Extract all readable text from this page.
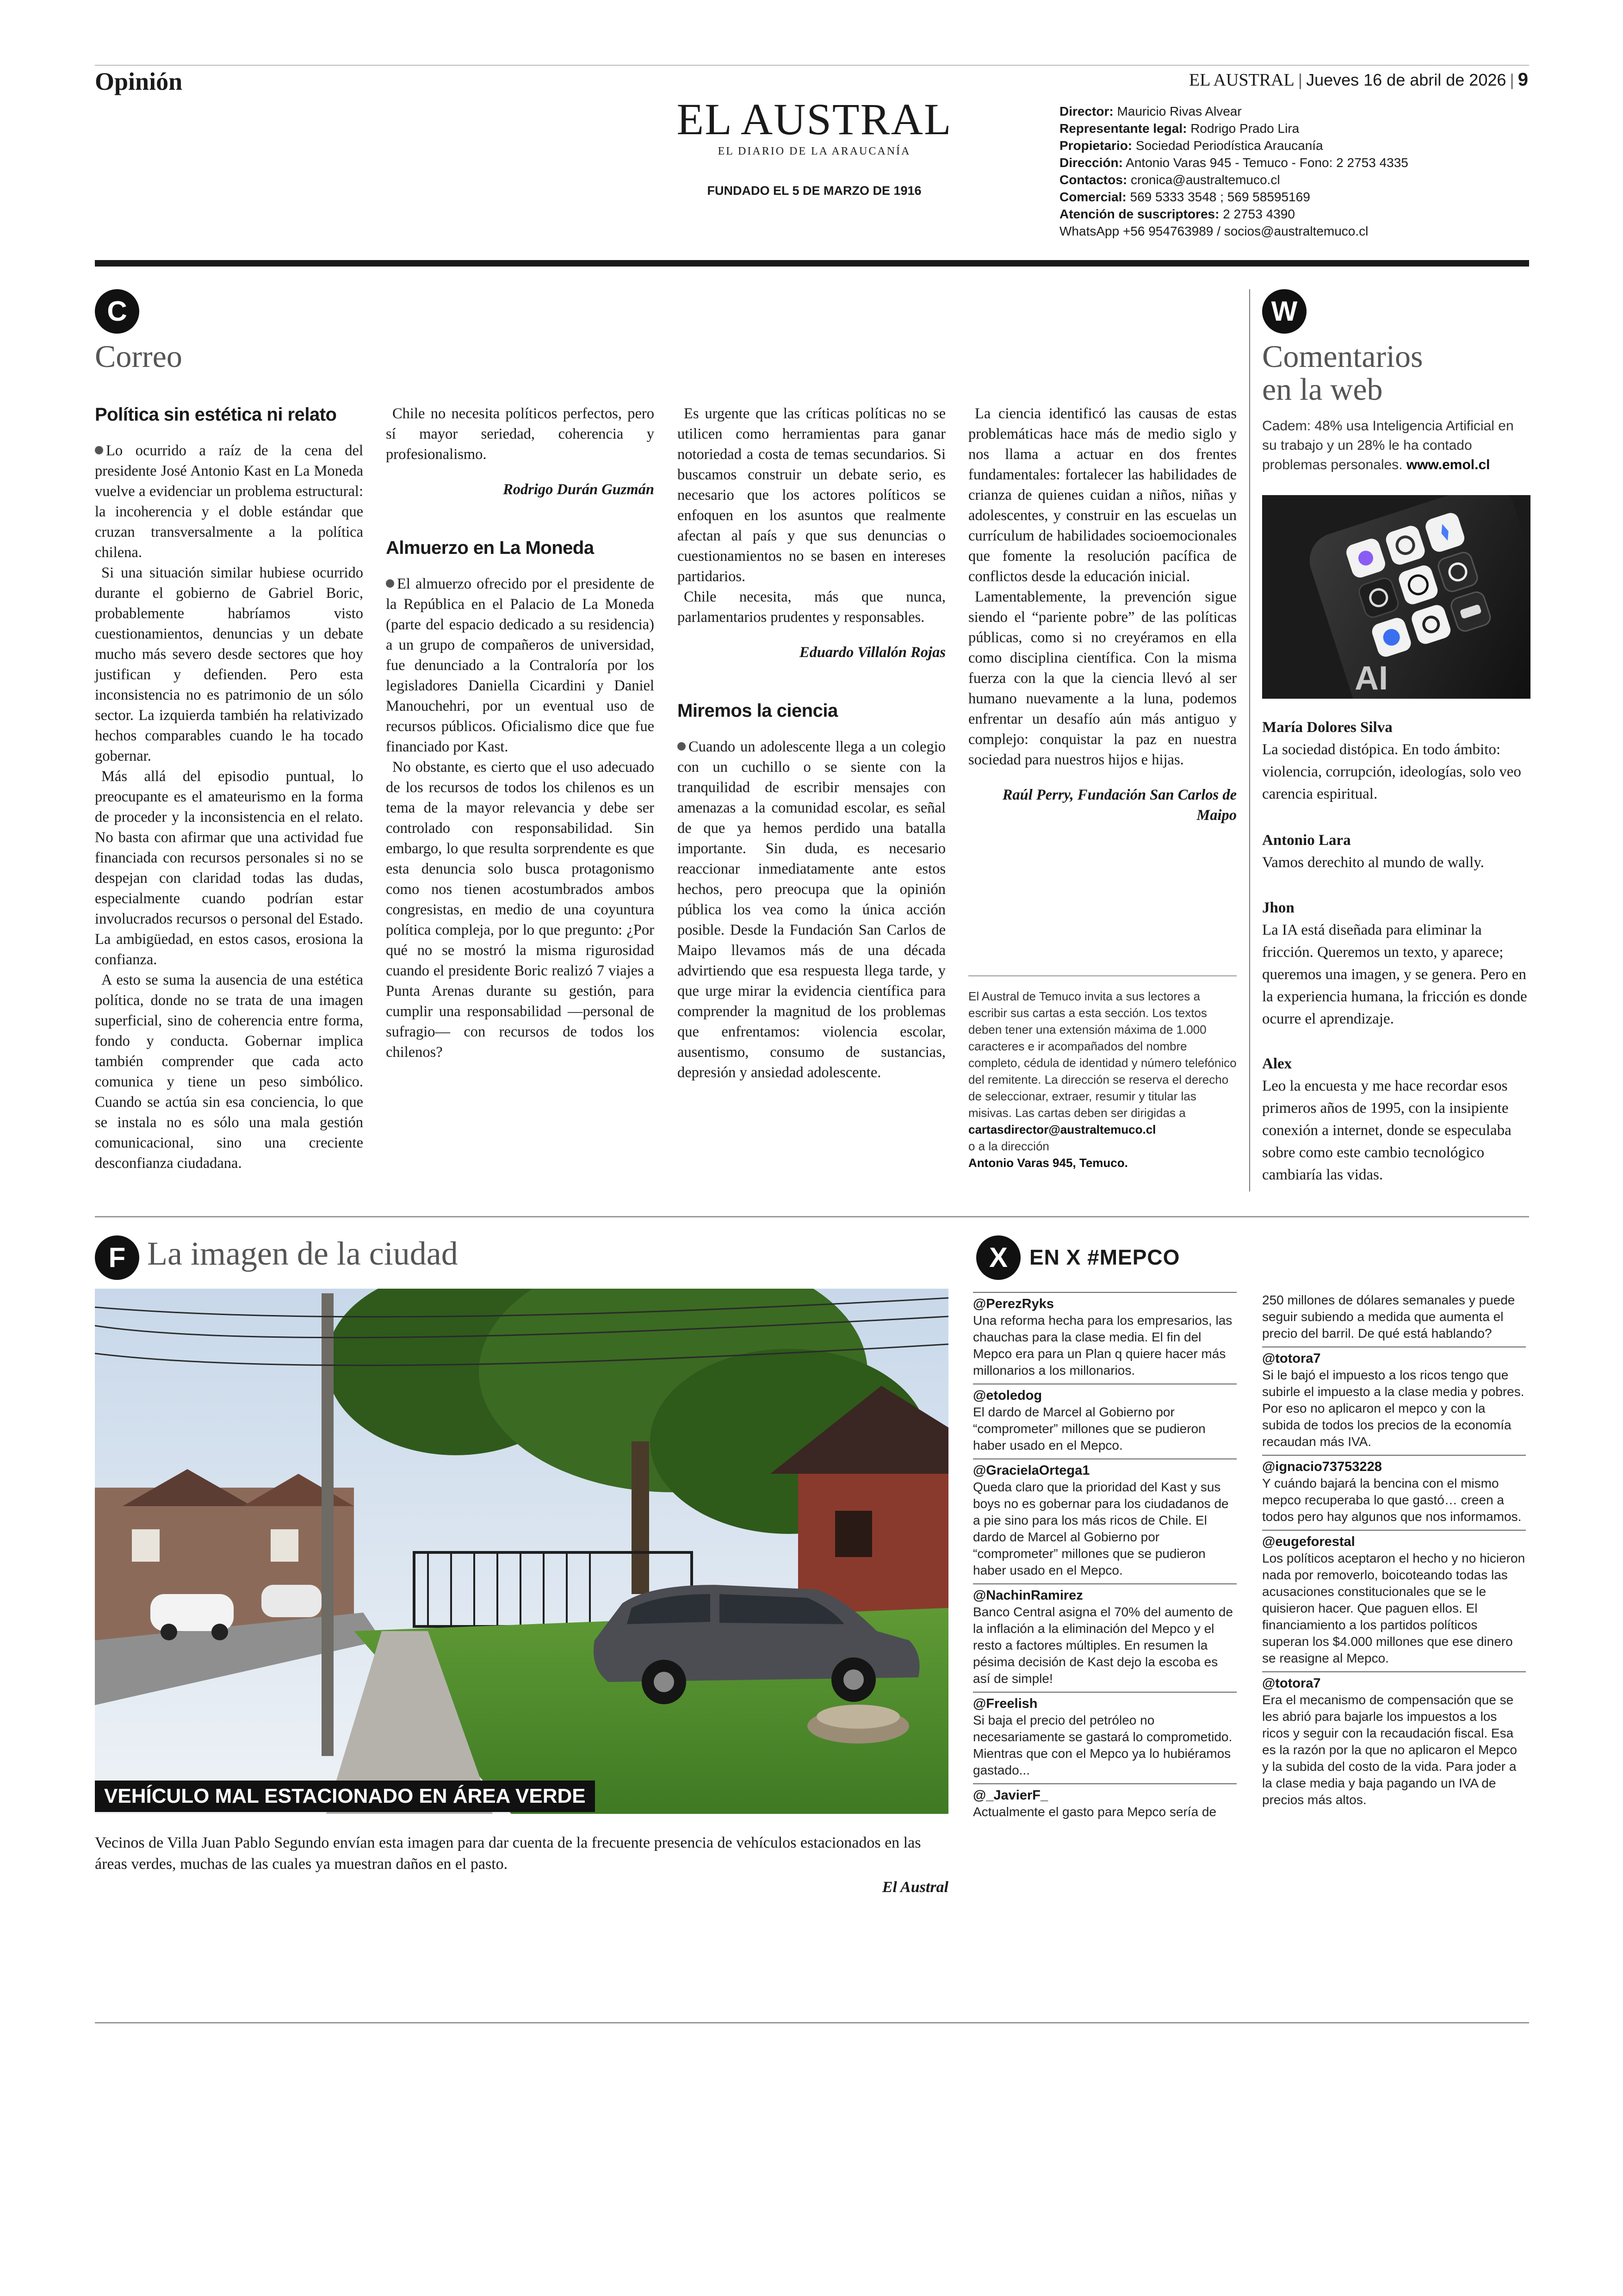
Opinión	EL AUSTRAL | Jueves 16 de abril de 2026 | 9
EL AUSTRAL
EL DIARIO DE LA ARAUCANÍA
FUNDADO EL 5 DE MARZO DE 1916
Director: Mauricio Rivas Alvear
Representante legal: Rodrigo Prado Lira
Propietario: Sociedad Periodística Araucanía
Dirección: Antonio Varas 945 - Temuco - Fono: 2 2753 4335
Contactos: cronica@australtemuco.cl
Comercial: 569 5333 3548 ; 569 58595169
Atención de suscriptores: 2 2753 4390
WhatsApp +56 954763989 / socios@australtemuco.cl
C
Correo
Política sin estética ni relato

Lo ocurrido a raíz de la cena del presidente José Antonio Kast en La Moneda vuelve a evidenciar un problema estructural: la incoherencia y el doble estándar que cruzan transversalmente a la política chilena.

Si una situación similar hubiese ocurrido durante el gobierno de Gabriel Boric, probablemente habríamos visto cuestionamientos, denuncias y un debate mucho más severo desde sectores que hoy justifican y defienden. Pero esta inconsistencia no es patrimonio de un sólo sector. La izquierda también ha relativizado hechos comparables cuando le ha tocado gobernar.

Más allá del episodio puntual, lo preocupante es el amateurismo en la forma de proceder y la inconsistencia en el relato. No basta con afirmar que una actividad fue financiada con recursos personales si no se despejan con claridad todas las dudas, especialmente cuando podrían estar involucrados recursos o personal del Estado. La ambigüedad, en estos casos, erosiona la confianza.

A esto se suma la ausencia de una estética política, donde no se trata de una imagen superficial, sino de coherencia entre forma, fondo y conducta. Gobernar implica también comprender que cada acto comunica y tiene un peso simbólico. Cuando se actúa sin esa conciencia, lo que se instala no es sólo una mala gestión comunicacional, sino una creciente desconfianza ciudadana.

Chile no necesita políticos perfectos, pero sí mayor seriedad, coherencia y profesionalismo.

Rodrigo Durán Guzmán

Almuerzo en La Moneda

El almuerzo ofrecido por el presidente de la República en el Palacio de La Moneda (parte del espacio dedicado a su residencia) a un grupo de compañeros de universidad, fue denunciado a la Contraloría por los legisladores Daniella Cicardini y Daniel Manouchehri, por un eventual uso de recursos públicos. Oficialismo dice que fue financiado por Kast.

No obstante, es cierto que el uso adecuado de los recursos de todos los chilenos es un tema de la mayor relevancia y debe ser controlado con responsabilidad. Sin embargo, lo que resulta sorprendente es que esta denuncia solo busca protagonismo como nos tienen acostumbrados ambos congresistas, en medio de una coyuntura política compleja, por lo que pregunto: ¿Por qué no se mostró la misma rigurosidad cuando el presidente Boric realizó 7 viajes a Punta Arenas durante su gestión, para cumplir una responsabilidad —personal de sufragio— con recursos de todos los chilenos?

Es urgente que las críticas políticas no se utilicen como herramientas para ganar notoriedad a costa de temas secundarios. Si buscamos construir un debate serio, es necesario que los actores políticos se enfoquen en los asuntos que realmente afectan al país y que sus denuncias o cuestionamientos no se basen en intereses partidarios.

Chile necesita, más que nunca, parlamentarios prudentes y responsables.

Eduardo Villalón Rojas

Miremos la ciencia

Cuando un adolescente llega a un colegio con un cuchillo o se siente con la tranquilidad de escribir mensajes con amenazas a la comunidad escolar, es señal de que ya hemos perdido una batalla importante. Sin duda, es necesario reaccionar inmediatamente ante estos hechos, pero preocupa que la opinión pública los vea como la única acción posible. Desde la Fundación San Carlos de Maipo llevamos más de una década advirtiendo que esa respuesta llega tarde, y que urge mirar la evidencia científica para comprender la magnitud de los problemas que enfrentamos: violencia escolar, ausentismo, consumo de sustancias, depresión y ansiedad adolescente.

La ciencia identificó las causas de estas problemáticas hace más de medio siglo y nos llama a actuar en dos frentes fundamentales: fortalecer las habilidades de crianza de quienes cuidan a niños, niñas y adolescentes, y construir en las escuelas un currículum de habilidades socioemocionales que fomente la resolución pacífica de conflictos desde la educación inicial.

Lamentablemente, la prevención sigue siendo el “pariente pobre” de las políticas públicas, como si no creyéramos en ella como disciplina científica. Con la misma fuerza con la que la ciencia llevó al ser humano nuevamente a la luna, podemos enfrentar un desafío aún más antiguo y complejo: conquistar la paz en nuestra sociedad para nuestros hijos e hijas.

Raúl Perry, Fundación San Carlos de Maipo

El Austral de Temuco invita a sus lectores a escribir sus cartas a esta sección. Los textos deben tener una extensión máxima de 1.000 caracteres e ir acompañados del nombre completo, cédula de identidad y número telefónico del remitente. La dirección se reserva el derecho de seleccionar, extraer, resumir y titular las misivas. Las cartas deben ser dirigidas a
cartasdirector@australtemuco.cl
o a la dirección
Antonio Varas 945, Temuco.
W
Comentarios
en la web
Cadem: 48% usa Inteligencia Artificial en su trabajo y un 28% le ha contado problemas personales. www.emol.cl
AI
María Dolores Silva
La sociedad distópica. En todo ámbito: violencia, corrupción, ideologías, solo veo carencia espiritual.
Antonio Lara
Vamos derechito al mundo de wally.
Jhon
La IA está diseñada para eliminar la fricción. Queremos un texto, y aparece; queremos una imagen, y se genera. Pero en la experiencia humana, la fricción es donde ocurre el aprendizaje.
Alex
Leo la encuesta y me hace recordar esos primeros años de 1995, con la insipiente conexión a internet, donde se especulaba sobre como este cambio tecnológico cambiaría las vidas.
F La imagen de la ciudad
VEHÍCULO MAL ESTACIONADO EN ÁREA VERDE
Vecinos de Villa Juan Pablo Segundo envían esta imagen para dar cuenta de la frecuente presencia de vehículos estacionados en las áreas verdes, muchas de las cuales ya muestran daños en el pasto.
El Austral
X	EN X #MEPCO
@PerezRyks
Una reforma hecha para los empresarios, las chauchas para la clase media. El fin del Mepco era para un Plan q quiere hacer más millonarios a los millonarios.
@etoledog
El dardo de Marcel al Gobierno por “comprometer” millones que se pudieron haber usado en el Mepco.
@GracielaOrtega1
Queda claro que la prioridad del Kast y sus boys no es gobernar para los ciudadanos de a pie sino para los más ricos de Chile. El dardo de Marcel al Gobierno por “comprometer” millones que se pudieron haber usado en el Mepco.
@NachinRamirez
Banco Central asigna el 70% del aumento de la inflación a la eliminación del Mepco y el resto a factores múltiples. En resumen la pésima decisión de Kast dejo la escoba es así de simple!
@Freelish
Si baja el precio del petróleo no necesariamente se gastará lo comprometido. Mientras que con el Mepco ya lo hubiéramos gastado...
@_JavierF_
Actualmente el gasto para Mepco sería de
250 millones de dólares semanales y puede seguir subiendo a medida que aumenta el precio del barril. De qué está hablando?
@totora7
Si le bajó el impuesto a los ricos tengo que subirle el impuesto a la clase media y pobres. Por eso no aplicaron el mepco y con la subida de todos los precios de la economía recaudan más IVA.
@ignacio73753228
Y cuándo bajará la bencina con el mismo mepco recuperaba lo que gastó… creen a todos pero hay algunos que nos informamos.
@eugeforestal
Los políticos aceptaron el hecho y no hicieron nada por removerlo, boicoteando todas las acusaciones constitucionales que se le quisieron hacer. Que paguen ellos. El financiamiento a los partidos políticos superan los $4.000 millones que ese dinero se reasigne al Mepco.
@totora7
Era el mecanismo de compensación que se les abrió para bajarle los impuestos a los ricos y seguir con la recaudación fiscal. Esa es la razón por la que no aplicaron el Mepco y la subida del costo de la vida. Para joder a la clase media y baja pagando un IVA de precios más altos.
